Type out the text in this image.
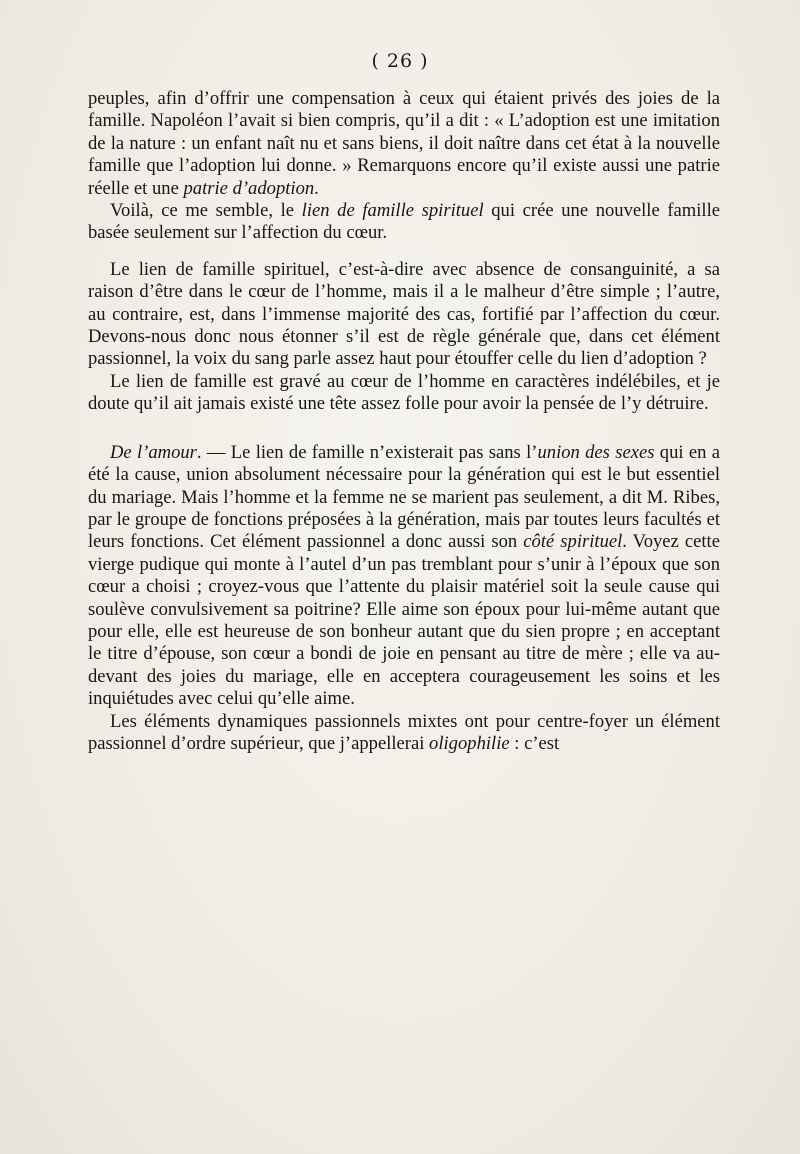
( 26 )

peuples, afin d’offrir une compensation à ceux qui étaient privés des joies de la famille. Napoléon l’avait si bien compris, qu’il a dit : « L’adoption est une imitation de la nature : un enfant naît nu et sans biens, il doit naître dans cet état à la nouvelle famille que l’adoption lui donne. » Remarquons encore qu’il existe aussi une patrie réelle et une patrie d’adoption.

Voilà, ce me semble, le lien de famille spirituel qui crée une nouvelle famille basée seulement sur l’affection du cœur.

Le lien de famille spirituel, c’est-à-dire avec absence de consanguinité, a sa raison d’être dans le cœur de l’homme, mais il a le malheur d’être simple ; l’autre, au contraire, est, dans l’immense majorité des cas, fortifié par l’affection du cœur. Devons-nous donc nous étonner s’il est de règle générale que, dans cet élément passionnel, la voix du sang parle assez haut pour étouffer celle du lien d’adoption ?

Le lien de famille est gravé au cœur de l’homme en caractères indélébiles, et je doute qu’il ait jamais existé une tête assez folle pour avoir la pensée de l’y détruire.

De l’amour. — Le lien de famille n’existerait pas sans l’union des sexes qui en a été la cause, union absolument nécessaire pour la génération qui est le but essentiel du mariage. Mais l’homme et la femme ne se marient pas seulement, a dit M. Ribes, par le groupe de fonctions préposées à la génération, mais par toutes leurs facultés et leurs fonctions. Cet élément passionnel a donc aussi son côté spirituel. Voyez cette vierge pudique qui monte à l’autel d’un pas tremblant pour s’unir à l’époux que son cœur a choisi ; croyez-vous que l’attente du plaisir matériel soit la seule cause qui soulève convulsivement sa poitrine? Elle aime son époux pour lui-même autant que pour elle, elle est heureuse de son bonheur autant que du sien propre ; en acceptant le titre d’épouse, son cœur a bondi de joie en pensant au titre de mère ; elle va au-devant des joies du mariage, elle en acceptera courageusement les soins et les inquiétudes avec celui qu’elle aime.

Les éléments dynamiques passionnels mixtes ont pour centre-foyer un élément passionnel d’ordre supérieur, que j’appellerai oligophilie : c’est
